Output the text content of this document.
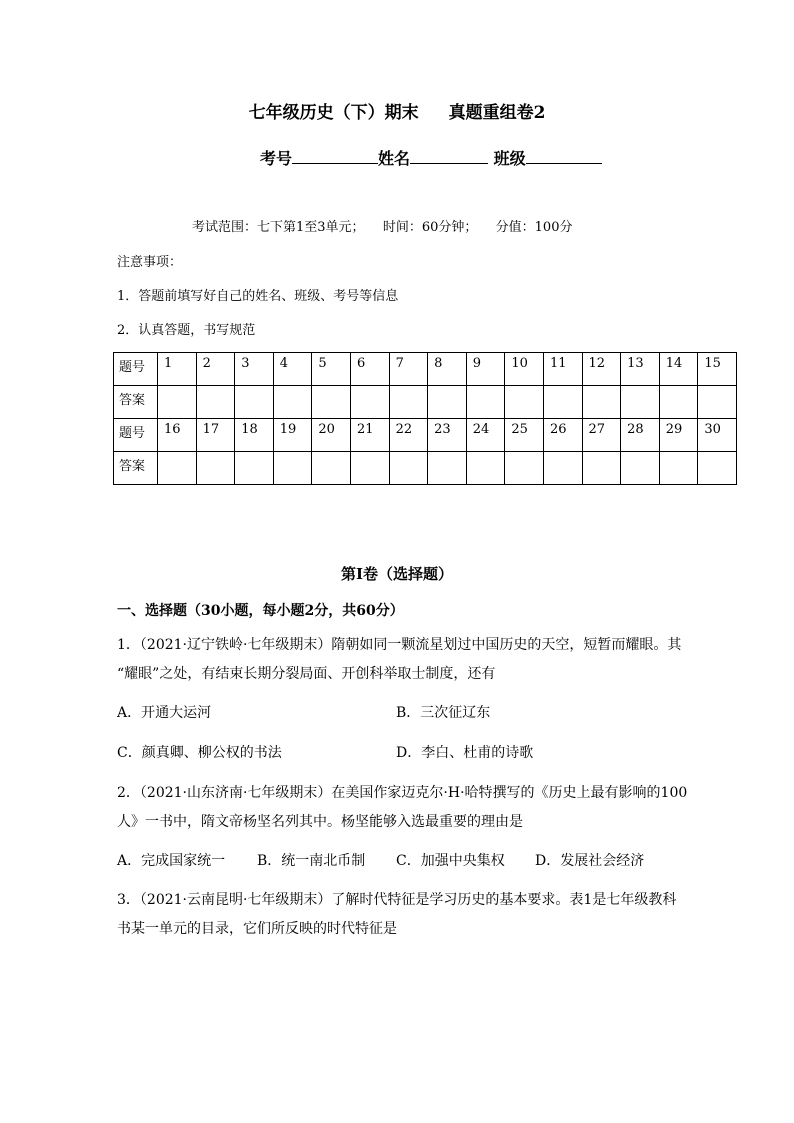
七年级历史（下）期末 真题重组卷2
考号	姓名	班级
考试范围：七下第1至3单元； 时间：60分钟； 分值：100分
注意事项：
1．答题前填写好自己的姓名、班级、考号等信息
2．认真答题，书写规范
题号	1	2	3	4	5	6	7	8	9	10	11	12	13	14	15
答案															
题号	16	17	18	19	20	21	22	23	24	25	26	27	28	29	30
答案															
第I卷（选择题）
一、选择题（30小题，每小题2分，共60分）
1．（2021·辽宁铁岭·七年级期末）隋朝如同一颗流星划过中国历史的天空，短暂而耀眼。其
“耀眼”之处，有结束长期分裂局面、开创科举取士制度，还有
A．开通大运河	B．三次征辽东
C．颜真卿、柳公权的书法	D．李白、杜甫的诗歌
2．（2021·山东济南·七年级期末）在美国作家迈克尔·H·哈特撰写的《历史上最有影响的100
人》一书中，隋文帝杨坚名列其中。杨坚能够入选最重要的理由是
A．完成国家统一 B．统一南北币制 C．加强中央集权 D．发展社会经济
3．（2021·云南昆明·七年级期末）了解时代特征是学习历史的基本要求。表1是七年级教科
书某一单元的目录，它们所反映的时代特征是
